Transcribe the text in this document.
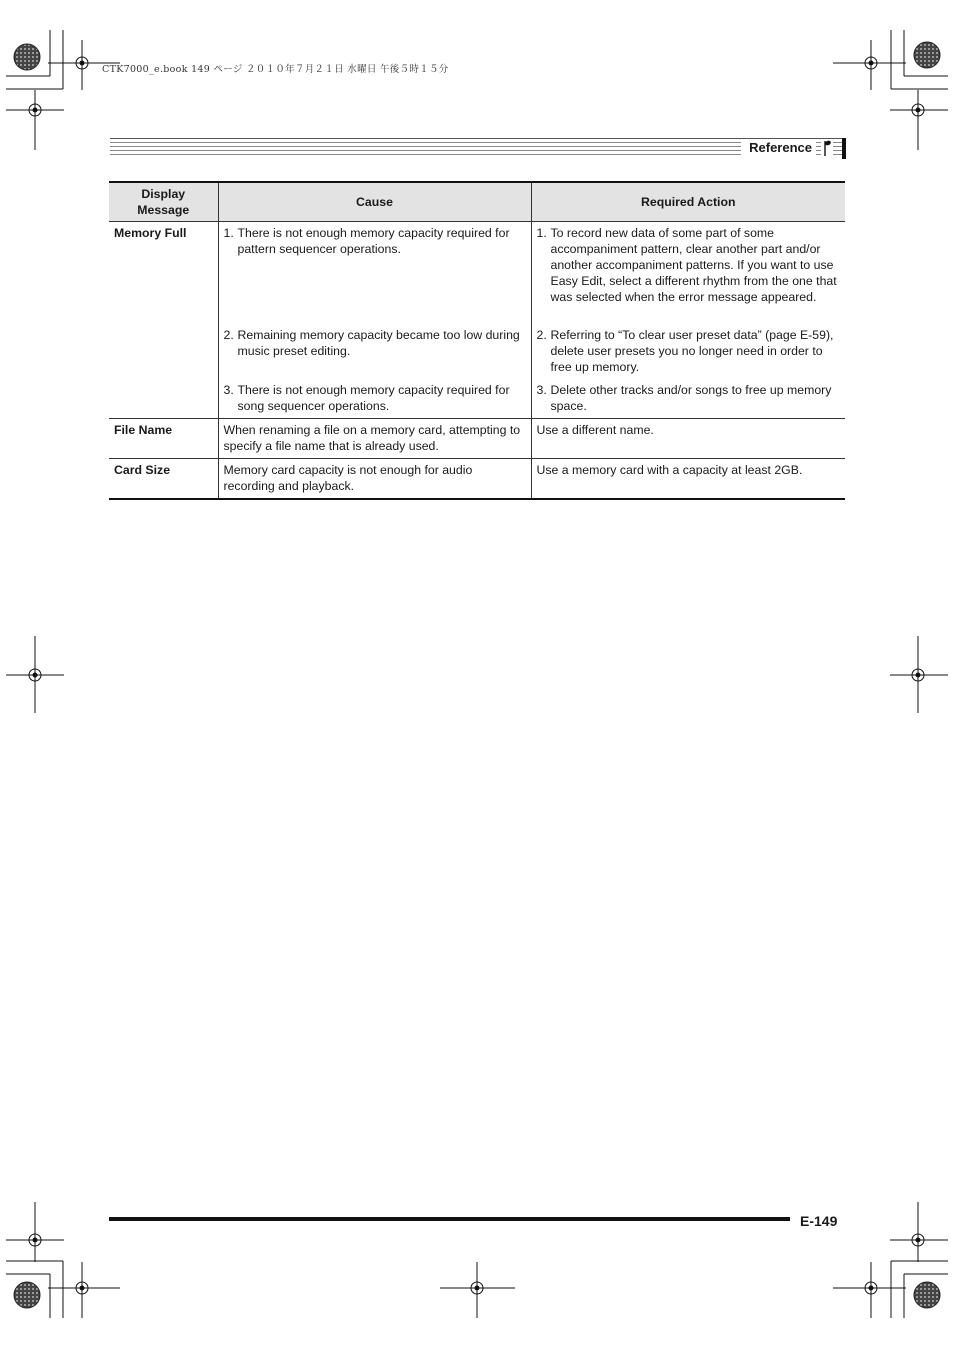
CTK7000_e.book 149 ページ ２０１０年７月２１日 水曜日 午後５時１５分
Reference
Display
Message	Cause	Required Action
Memory Full	1. There is not enough memory capacity required for pattern sequencer operations.	1. To record new data of some part of some accompaniment pattern, clear another part and/or another accompaniment patterns. If you want to use Easy Edit, select a different rhythm from the one that was selected when the error message appeared.

	2. Remaining memory capacity became too low during music preset editing.	2. Referring to “To clear user preset data” (page E-59), delete user presets you no longer need in order to free up memory.

	3. There is not enough memory capacity required for song sequencer operations.	3. Delete other tracks and/or songs to free up memory space.

File Name	When renaming a file on a memory card, attempting to specify a file name that is already used.	Use a different name.
Card Size	Memory card capacity is not enough for audio recording and playback.	Use a memory card with a capacity at least 2GB.
E-149
